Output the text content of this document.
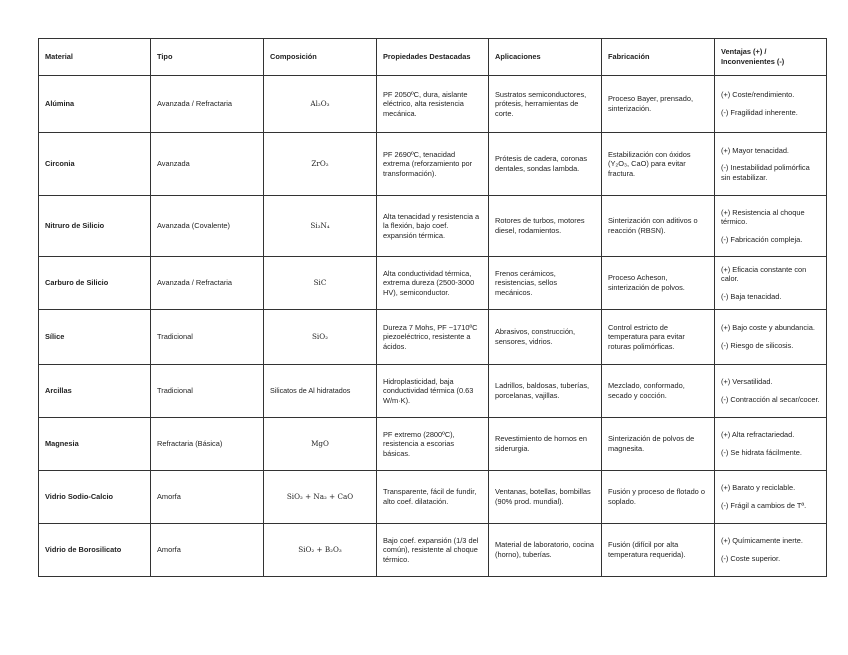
Material	Tipo	Composición	Propiedades Destacadas	Aplicaciones	Fabricación	Ventajas (+) / Inconvenientes (-)
Alúmina	Avanzada / Refractaria	Al₂O₃	PF 2050ºC, dura, aislante eléctrico, alta resistencia mecánica.	Sustratos semiconductores, prótesis, herramientas de corte.	Proceso Bayer, prensado, sinterización.	(+) Coste/rendimiento.
(-) Fragilidad inherente.

Circonia	Avanzada	ZrO₂	PF 2690ºC, tenacidad extrema (reforzamiento por transformación).	Prótesis de cadera, coronas dentales, sondas lambda.	Estabilización con óxidos (Y₂O₃, CaO) para evitar fractura.	(+) Mayor tenacidad.
(-) Inestabilidad polimórfica sin estabilizar.

Nitruro de Silicio	Avanzada (Covalente)	Si₃N₄	Alta tenacidad y resistencia a la flexión, bajo coef. expansión térmica.	Rotores de turbos, motores diesel, rodamientos.	Sinterización con aditivos o reacción (RBSN).	(+) Resistencia al choque térmico.
(-) Fabricación compleja.

Carburo de Silicio	Avanzada / Refractaria	SiC	Alta conductividad térmica, extrema dureza (2500-3000 HV), semiconductor.	Frenos cerámicos, resistencias, sellos mecánicos.	Proceso Acheson, sinterización de polvos.	(+) Eficacia constante con calor.
(-) Baja tenacidad.

Sílice	Tradicional	SiO₂	Dureza 7 Mohs, PF ~1710ºC piezoeléctrico, resistente a ácidos.	Abrasivos, construcción, sensores, vidrios.	Control estricto de temperatura para evitar roturas polimórficas.	(+) Bajo coste y abundancia.
(-) Riesgo de silicosis.

Arcillas	Tradicional	Silicatos de Al hidratados	Hidroplasticidad, baja conductividad térmica (0.63 W/m·K).	Ladrillos, baldosas, tuberías, porcelanas, vajillas.	Mezclado, conformado, secado y cocción.	(+) Versatilidad.
(-) Contracción al secar/cocer.

Magnesia	Refractaria (Básica)	MgO	PF extremo (2800ºC), resistencia a escorias básicas.	Revestimiento de hornos en siderurgia.	Sinterización de polvos de magnesita.	(+) Alta refractariedad.
(-) Se hidrata fácilmente.

Vidrio Sodio-Calcio	Amorfa	SiO₂ + Na₂ + CaO	Transparente, fácil de fundir, alto coef. dilatación.	Ventanas, botellas, bombillas (90% prod. mundial).	Fusión y proceso de flotado o soplado.	(+) Barato y reciclable.
(-) Frágil a cambios de Tª.

Vidrio de Borosilicato	Amorfa	SiO₂ + B₂O₃	Bajo coef. expansión (1/3 del común), resistente al choque térmico.	Material de laboratorio, cocina (horno), tuberías.	Fusión (difícil por alta temperatura requerida).	(+) Químicamente inerte.
(-) Coste superior.
